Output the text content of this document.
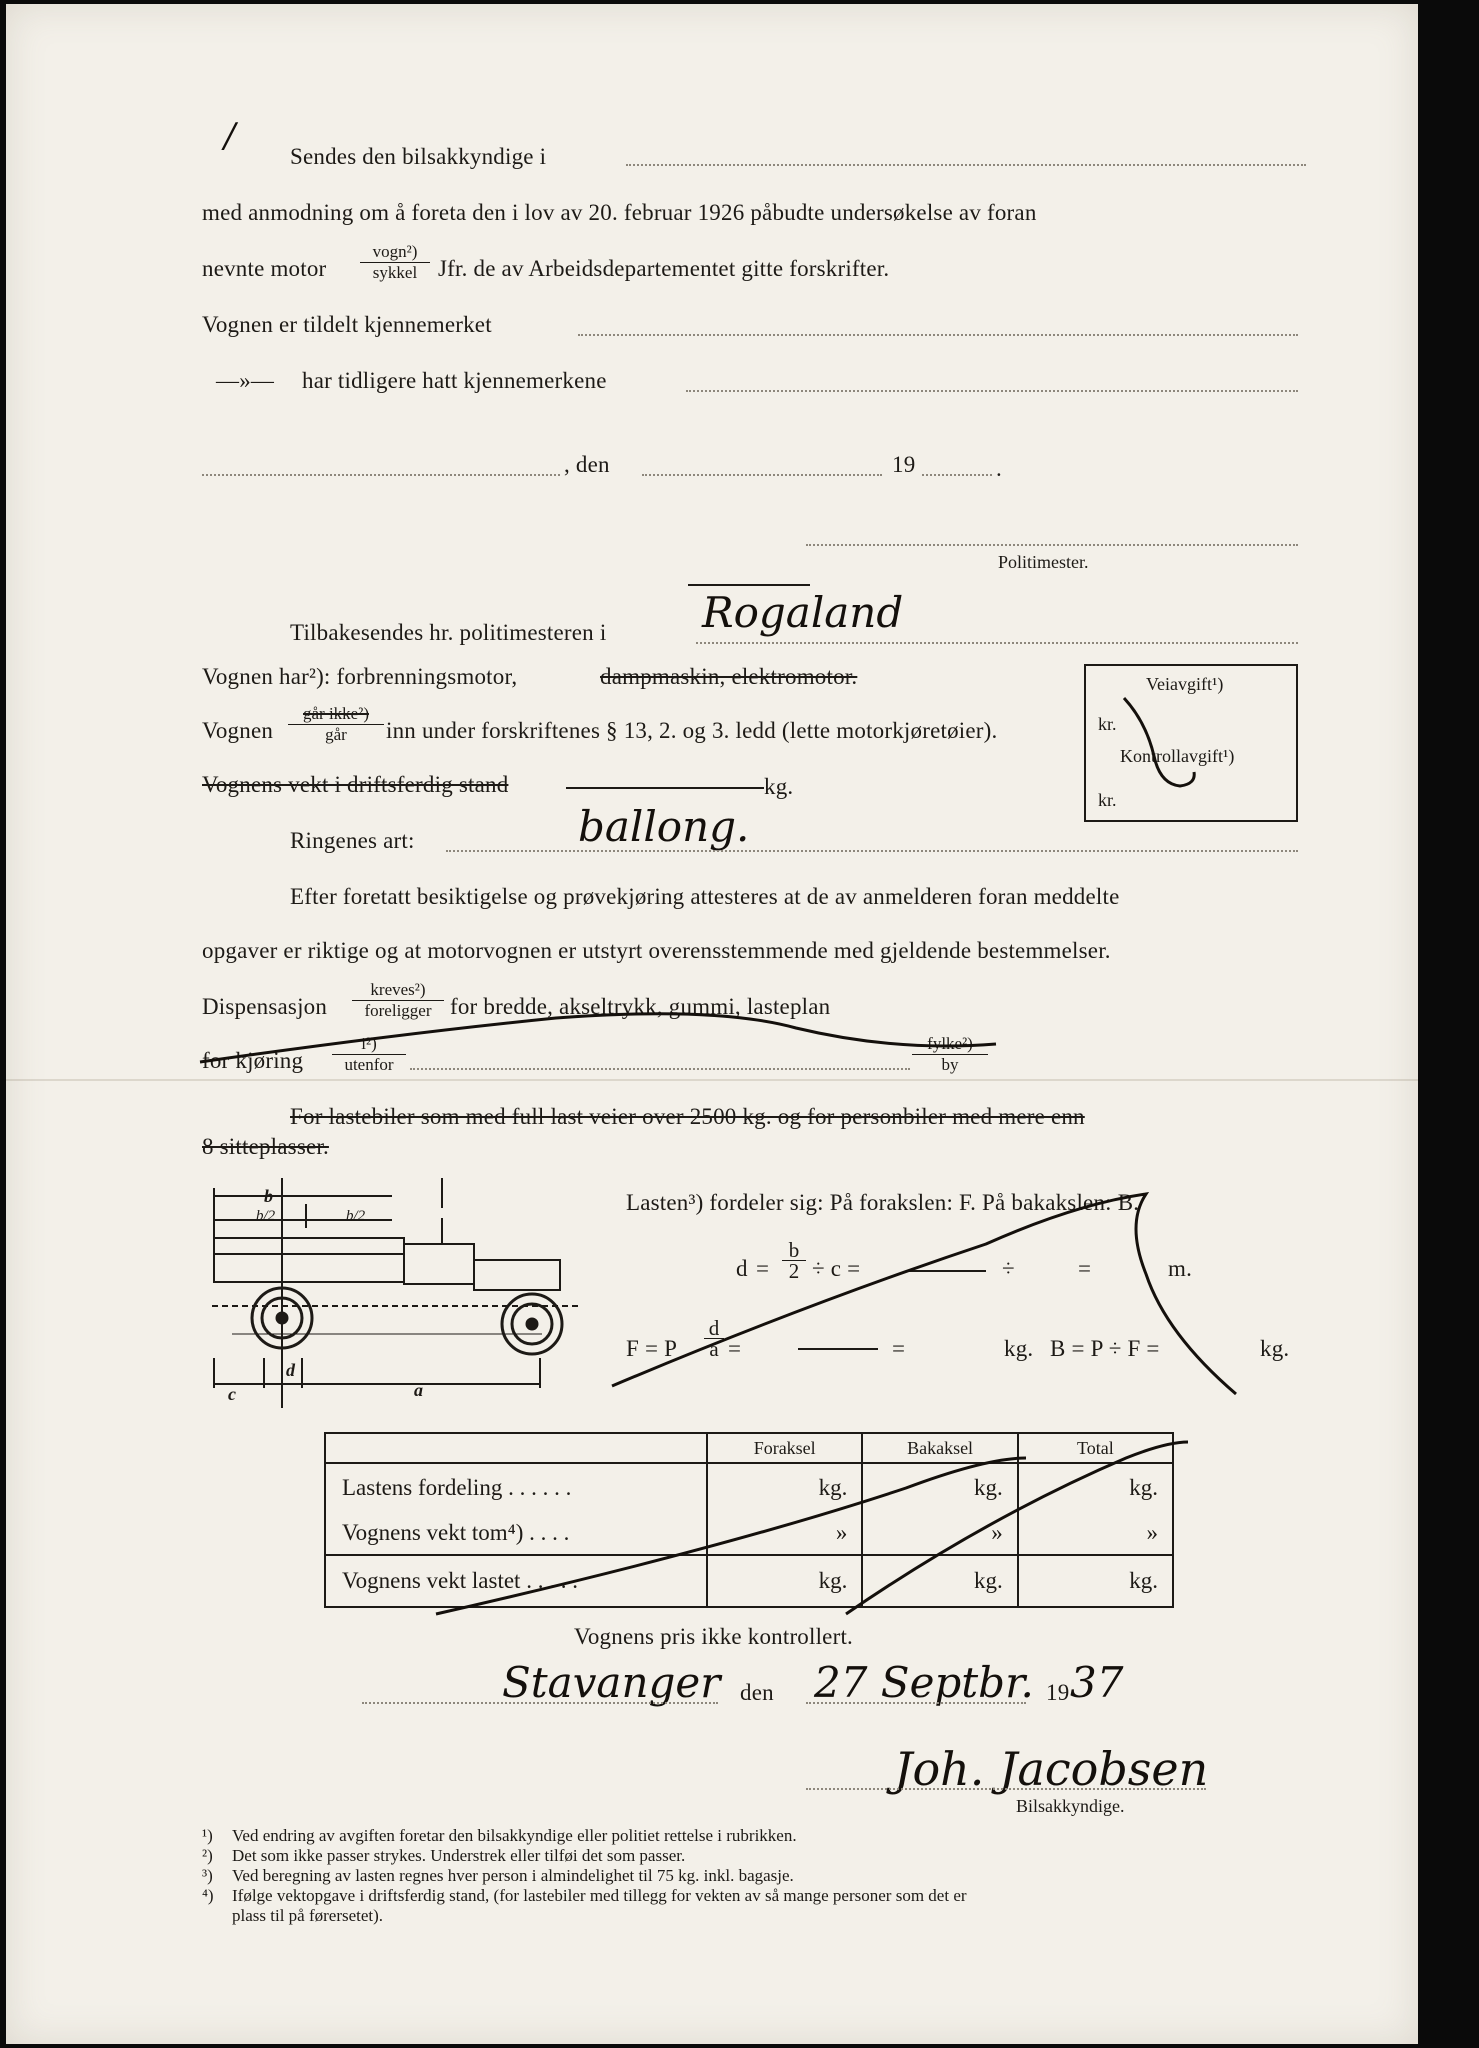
/
Sendes den bilsakkyndige i
med anmodning om å foreta den i lov av 20. februar 1926 påbudte undersøkelse av foran
nevnte motor
vogn²)
sykkel Jfr. de av Arbeidsdepartementet gitte forskrifter.
Vognen er tildelt kjennemerket
—»— har tidligere hatt kjennemerkene
, den	19	.
Politimester.
Tilbakesendes hr. politimesteren i Rogaland
Vognen har²): forbrenningsmotor,	dampmaskin, elektromotor.
Vognen
går ikke²)
går	inn under forskriftenes § 13, 2. og 3. ledd (lette motorkjøretøier).
Vognens vekt i driftsferdig stand	kg.
Veiavgift¹)
kr.
Kontrollavgift¹)
kr.
Ringenes art:	ballong.
Efter foretatt besiktigelse og prøvekjøring attesteres at de av anmelderen foran meddelte
opgaver er riktige og at motorvognen er utstyrt overensstemmende med gjeldende bestemmelser.
Dispensasjon
kreves²)
foreligger for bredde, akseltrykk, gummi, lasteplan
for kjøring
i²)
utenfor
fylke²)
by
For lastebiler som med full last veier over 2500 kg. og for personbiler med mere enn
8 sitteplasser.
b
b/2	b/2
c
d
a
Lasten³) fordeler sig: På forakslen: F. På bakakslen: B.
$d = \frac{b}{2} \div c$ =	÷	=	m.
F = P $\frac{d}{a}$ =	=	kg. B = P ÷ F =	kg.
	Foraksel	Bakaksel	Total
Lastens fordeling . . . . . .	kg.	kg.	kg.
Vognens vekt tom⁴) . . . .	»	»	»
Vognens vekt lastet . . . . .	kg.	kg.	kg.
Vognens pris ikke kontrollert.
Stavanger den 27 Septbr. 19 37
Joh. Jacobsen
Bilsakkyndige.
¹) Ved endring av avgiften foretar den bilsakkyndige eller politiet rettelse i rubrikken.
²) Det som ikke passer strykes. Understrek eller tilføi det som passer.
³) Ved beregning av lasten regnes hver person i almindelighet til 75 kg. inkl. bagasje.
⁴) Ifølge vektopgave i driftsferdig stand, (for lastebiler med tillegg for vekten av så mange personer som det er
plass til på førersetet).
